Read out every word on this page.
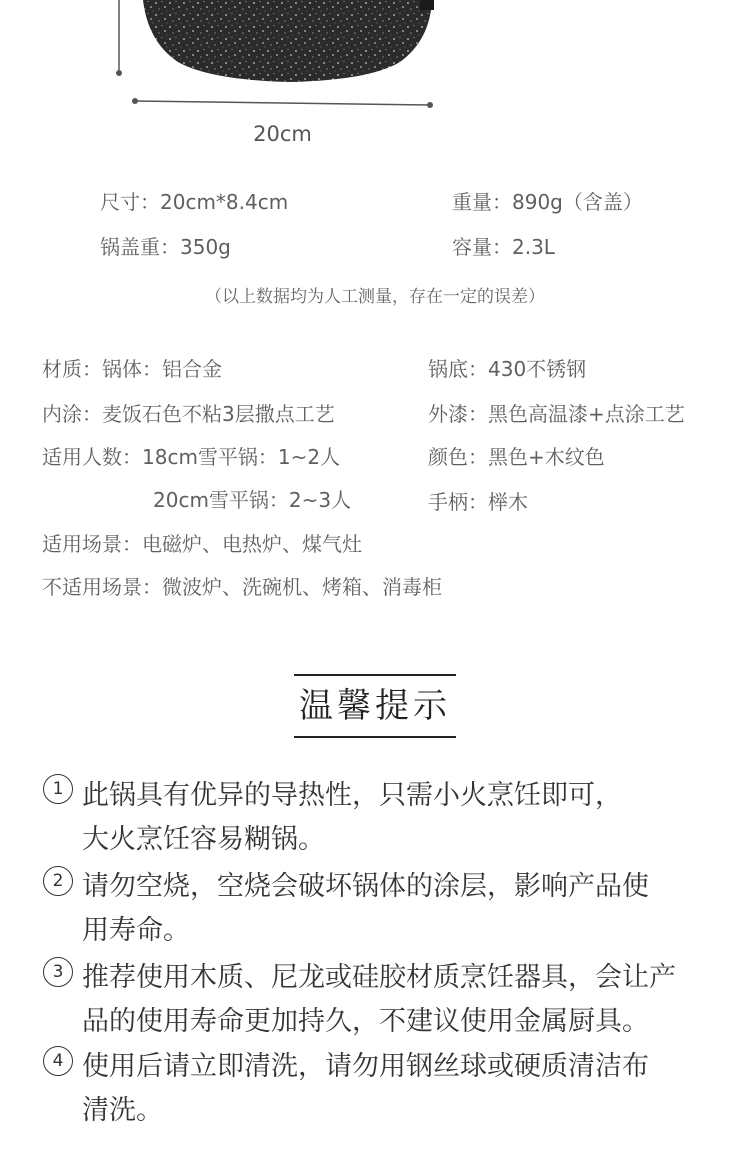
20cm
尺寸：20cm*8.4cm	重量：890g（含盖）
锅盖重：350g	容量：2.3L
（以上数据均为人工测量，存在一定的误差）
材质：锅体：铝合金	锅底：430不锈钢
内涂：麦饭石色不粘3层撒点工艺	外漆：黑色高温漆+点涂工艺
适用人数：18cm雪平锅：1~2人	颜色：黑色+木纹色
20cm雪平锅：2~3人	手柄：榉木
适用场景：电磁炉、电热炉、煤气灶
不适用场景：微波炉、洗碗机、烤箱、消毒柜
温馨提示
1 此锅具有优异的导热性，只需小火烹饪即可，
大火烹饪容易糊锅。
2 请勿空烧，空烧会破坏锅体的涂层，影响产品使
用寿命。
3 推荐使用木质、尼龙或硅胶材质烹饪器具，会让产
品的使用寿命更加持久，不建议使用金属厨具。
4 使用后请立即清洗，请勿用钢丝球或硬质清洁布
清洗。
